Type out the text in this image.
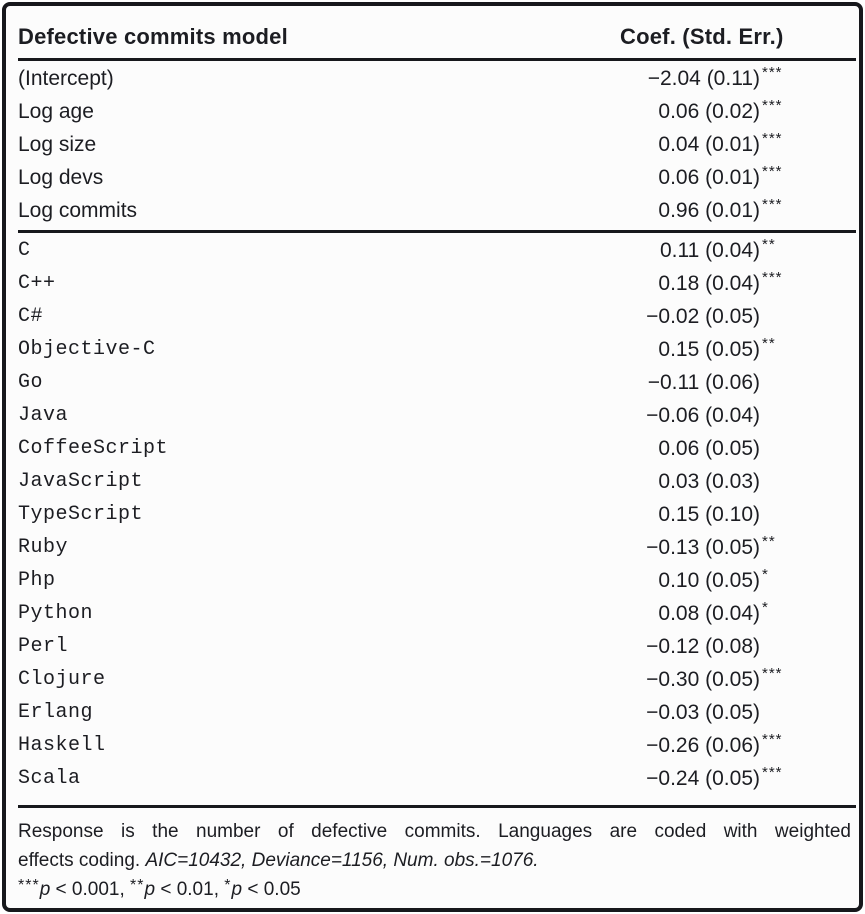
Defective commits model	Coef. (Std. Err.)
(Intercept)	−2.04 (0.11) ***
Log age	0.06 (0.02) ***
Log size	0.04 (0.01) ***
Log devs	0.06 (0.01) ***
Log commits	0.96 (0.01) ***
C	0.11 (0.04) **
C++	0.18 (0.04) ***
C#	−0.02 (0.05)
Objective-C	0.15 (0.05) **
Go	−0.11 (0.06)
Java	−0.06 (0.04)
CoffeeScript	0.06 (0.05)
JavaScript	0.03 (0.03)
TypeScript	0.15 (0.10)
Ruby	−0.13 (0.05) **
Php	0.10 (0.05) *
Python	0.08 (0.04) *
Perl	−0.12 (0.08)
Clojure	−0.30 (0.05) ***
Erlang	−0.03 (0.05)
Haskell	−0.26 (0.06) ***
Scala	−0.24 (0.05) ***
Response is the number of defective commits. Languages are coded with weighted
effects coding. AIC=10432, Deviance=1156, Num. obs.=1076.
***p < 0.001, **p < 0.01, *p < 0.05
